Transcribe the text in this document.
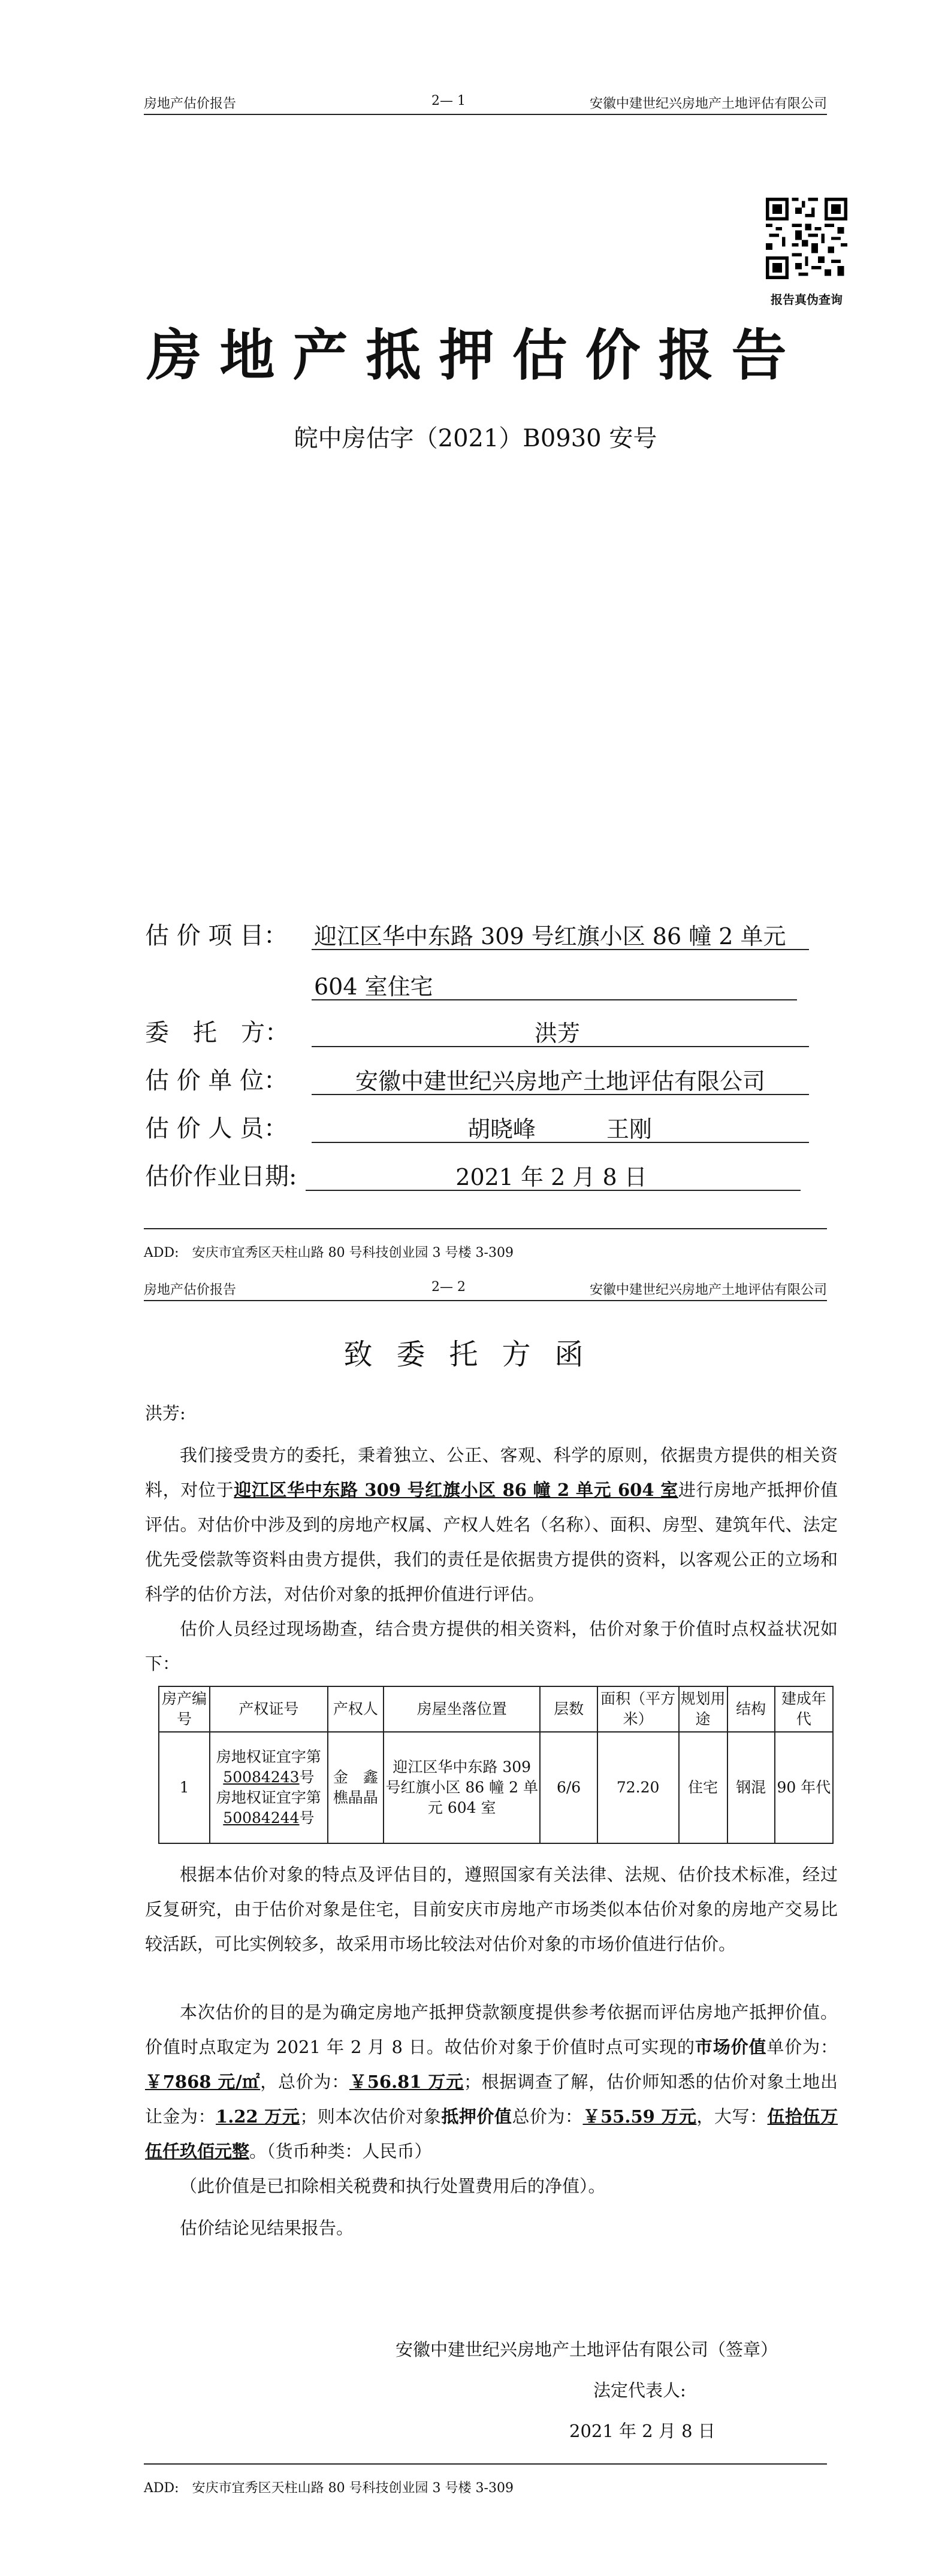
房地产估价报告	2— 1	安徽中建世纪兴房地产土地评估有限公司
报告真伪查询
房地产抵押估价报告
皖中房估字（2021）B0930 安号
估 价 项 目： 迎江区华中东路 309 号红旗小区 86 幢 2 单元
604 室住宅
委　托　方：	洪芳
估 价 单 位：	安徽中建世纪兴房地产土地评估有限公司
估 价 人 员：	胡晓峰	王刚
估价作业日期:	2021 年 2 月 8 日
ADD:　安庆市宜秀区天柱山路 80 号科技创业园 3 号楼 3-309
房地产估价报告	2— 2	安徽中建世纪兴房地产土地评估有限公司
致委托方函
洪芳:
我们接受贵方的委托，秉着独立、公正、客观、科学的原则，依据贵方提供的相关资料，对位于迎江区华中东路 309 号红旗小区 86 幢 2 单元 604 室进行房地产抵押价值评估。对估价中涉及到的房地产权属、产权人姓名（名称）、面积、房型、建筑年代、法定优先受偿款等资料由贵方提供，我们的责任是依据贵方提供的资料，以客观公正的立场和科学的估价方法，对估价对象的抵押价值进行评估。
估价人员经过现场勘查，结合贵方提供的相关资料，估价对象于价值时点权益状况如下：
房产编号	产权证号	产权人	房屋坐落位置	层数	面积（平方米）	规划用途	结构	建成年代
1	房地权证宜字第
50084243号
房地权证宜字第
50084244号	金　鑫　樵晶晶	迎江区华中东路 309 号红旗小区 86 幢 2 单元 604 室	6/6	72.20	住宅	钢混	90 年代
根据本估价对象的特点及评估目的，遵照国家有关法律、法规、估价技术标准，经过反复研究，由于估价对象是住宅，目前安庆市房地产市场类似本估价对象的房地产交易比较活跃，可比实例较多，故采用市场比较法对估价对象的市场价值进行估价。
本次估价的目的是为确定房地产抵押贷款额度提供参考依据而评估房地产抵押价值。价值时点取定为 2021 年 2 月 8 日。故估价对象于价值时点可实现的市场价值单价为：￥7868 元/㎡，总价为：￥56.81 万元；根据调查了解，估价师知悉的估价对象土地出让金为：1.22 万元；则本次估价对象抵押价值总价为：￥55.59 万元，大写：伍拾伍万伍仟玖佰元整。（货币种类：人民币）
（此价值是已扣除相关税费和执行处置费用后的净值）。
估价结论见结果报告。
安徽中建世纪兴房地产土地评估有限公司（签章）
法定代表人:
2021 年 2 月 8 日
ADD:　安庆市宜秀区天柱山路 80 号科技创业园 3 号楼 3-309
